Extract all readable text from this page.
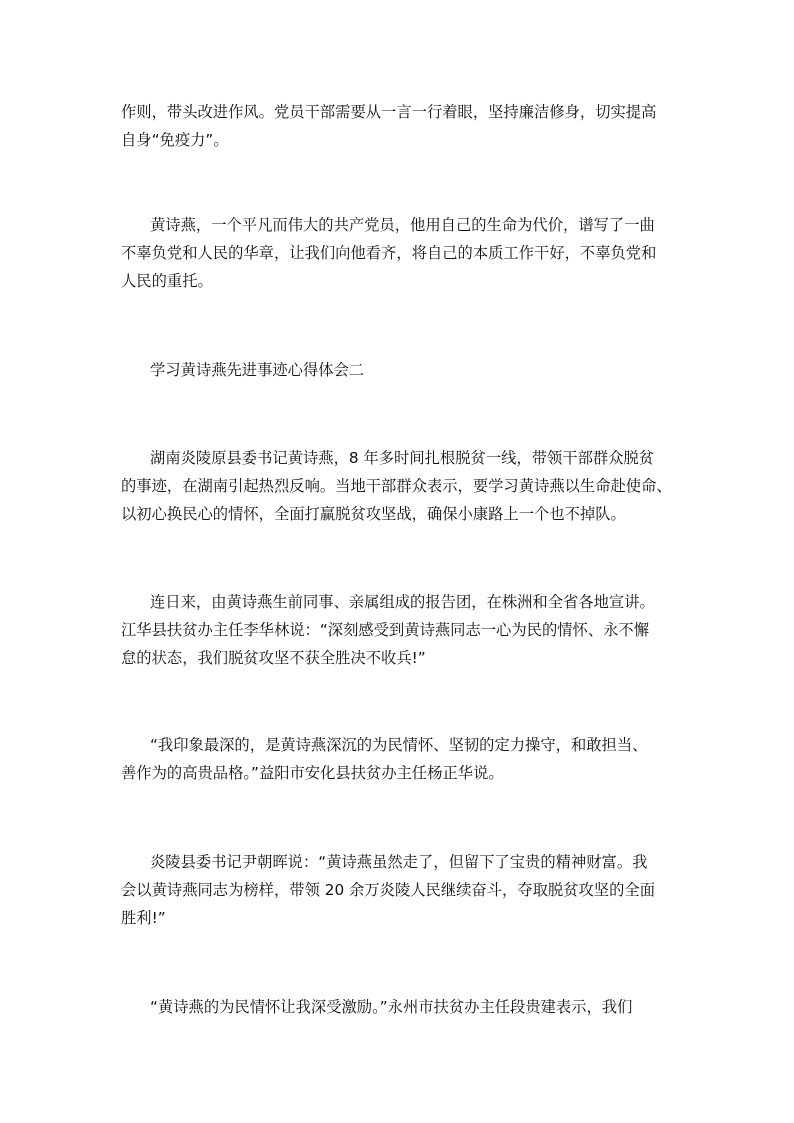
作则，带头改进作风。党员干部需要从一言一行着眼，坚持廉洁修身，切实提高
自身“免疫力”。
黄诗燕，一个平凡而伟大的共产党员，他用自己的生命为代价，谱写了一曲
不辜负党和人民的华章，让我们向他看齐，将自己的本质工作干好，不辜负党和
人民的重托。
学习黄诗燕先进事迹心得体会二
湖南炎陵原县委书记黄诗燕，8 年多时间扎根脱贫一线，带领干部群众脱贫
的事迹，在湖南引起热烈反响。当地干部群众表示，要学习黄诗燕以生命赴使命、
以初心换民心的情怀，全面打赢脱贫攻坚战，确保小康路上一个也不掉队。
连日来，由黄诗燕生前同事、亲属组成的报告团，在株洲和全省各地宣讲。
江华县扶贫办主任李华林说：“深刻感受到黄诗燕同志一心为民的情怀、永不懈
怠的状态，我们脱贫攻坚不获全胜决不收兵!”
“我印象最深的，是黄诗燕深沉的为民情怀、坚韧的定力操守，和敢担当、
善作为的高贵品格。”益阳市安化县扶贫办主任杨正华说。
炎陵县委书记尹朝晖说：“黄诗燕虽然走了，但留下了宝贵的精神财富。我
会以黄诗燕同志为榜样，带领 20 余万炎陵人民继续奋斗，夺取脱贫攻坚的全面
胜利!”
“黄诗燕的为民情怀让我深受激励。”永州市扶贫办主任段贵建表示，我们
